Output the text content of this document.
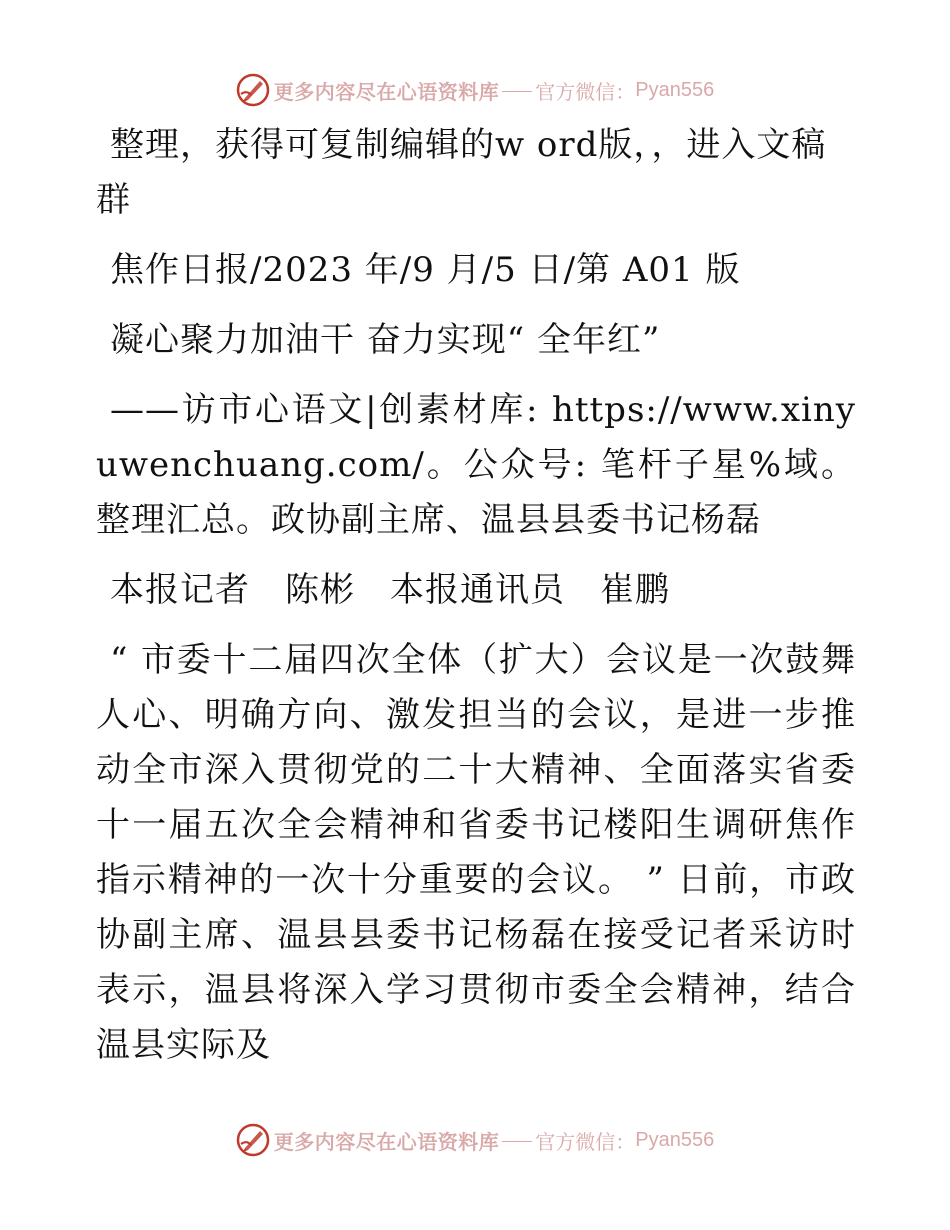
更多内容尽在心语资料库 官方微信： Pyan556

整理，获得可复制编辑的w ord版，，进入文稿群

焦作日报/2023 年/9 月/5 日/第 A01 版

凝心聚力加油干 奋力实现“ 全年红”

——访市心语文|创素材库: https://www.xinyuwenchuang.com/。公众号: 笔杆子星%域。整理汇总。政协副主席、温县县委书记杨磊

本报记者　陈彬　本报通讯员　崔鹏

“ 市委十二届四次全体（扩大）会议是一次鼓舞人心、明确方向、激发担当的会议，是进一步推动全市深入贯彻党的二十大精神、全面落实省委十一届五次全会精神和省委书记楼阳生调研焦作指示精神的一次十分重要的会议。 ” 日前，市政协副主席、温县县委书记杨磊在接受记者采访时表示，温县将深入学习贯彻市委全会精神，结合温县实际及

更多内容尽在心语资料库 官方微信： Pyan556
